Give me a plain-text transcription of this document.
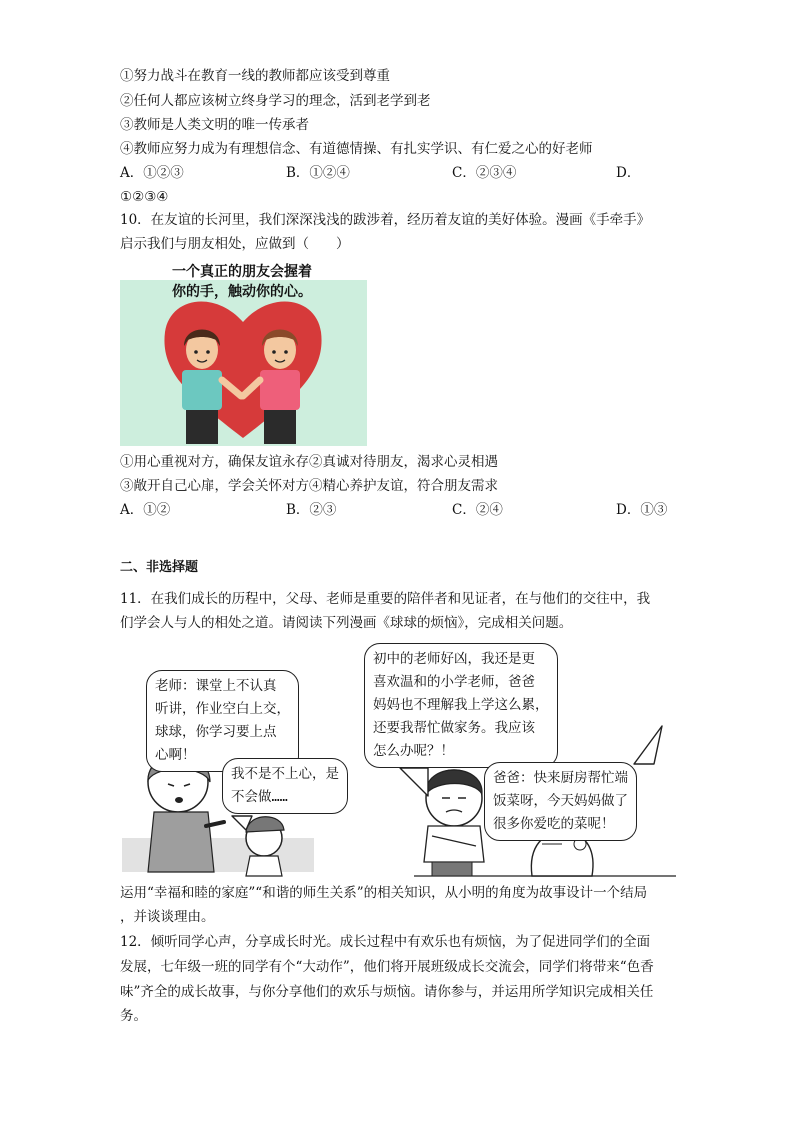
①努力战斗在教育一线的教师都应该受到尊重
②任何人都应该树立终身学习的理念，活到老学到老
③教师是人类文明的唯一传承者
④教师应努力成为有理想信念、有道德情操、有扎实学识、有仁爱之心的好老师
A．①②③	B．①②④	C．②③④	D．
①②③④
10．在友谊的长河里，我们深深浅浅的跋涉着，经历着友谊的美好体验。漫画《手牵手》
启示我们与朋友相处，应做到（　　）
一个真正的朋友会握着
你的手，触动你的心。
①用心重视对方，确保友谊永存②真诚对待朋友，渴求心灵相遇
③敞开自己心扉，学会关怀对方④精心养护友谊，符合朋友需求
A．①②	B．②③	C．②④	D．①③
二、非选择题
11．在我们成长的历程中，父母、老师是重要的陪伴者和见证者，在与他们的交往中，我
们学会人与人的相处之道。请阅读下列漫画《球球的烦恼》，完成相关问题。
老师：课堂上不认真
听讲，作业空白上交，
球球，你学习要上点
心啊！
我不是不上心，是
不会做……
初中的老师好凶，我还是更
喜欢温和的小学老师，爸爸
妈妈也不理解我上学这么累，
还要我帮忙做家务。我应该
怎么办呢？！
爸爸：快来厨房帮忙端
饭菜呀，今天妈妈做了
很多你爱吃的菜呢！
运用“幸福和睦的家庭”“和谐的师生关系”的相关知识，从小明的角度为故事设计一个结局
，并谈谈理由。
12．倾听同学心声，分享成长时光。成长过程中有欢乐也有烦恼，为了促进同学们的全面
发展，七年级一班的同学有个“大动作”，他们将开展班级成长交流会，同学们将带来“色香
味”齐全的成长故事，与你分享他们的欢乐与烦恼。请你参与，并运用所学知识完成相关任
务。
